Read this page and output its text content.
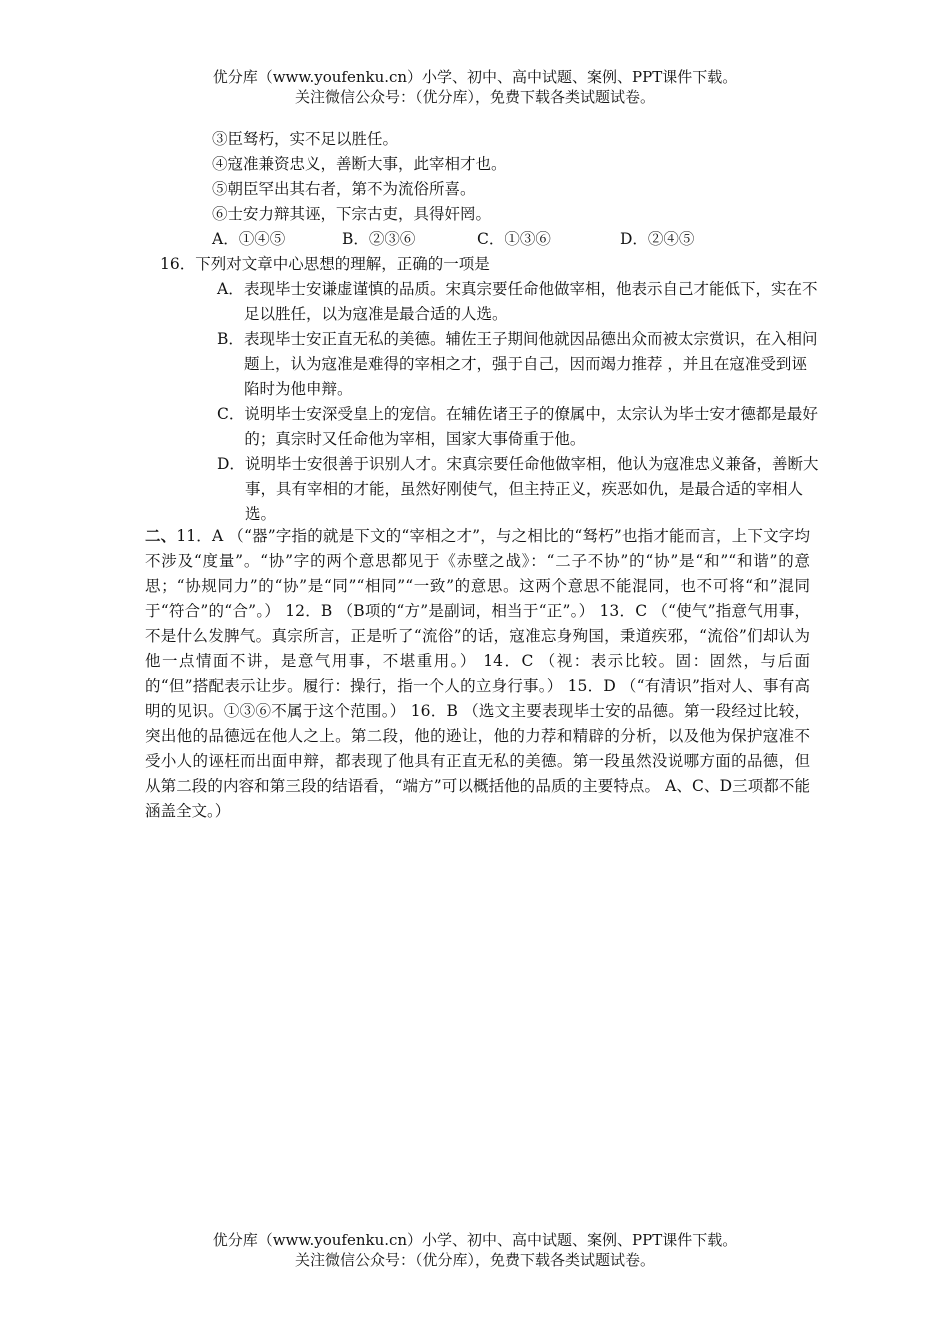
优分库（www.youfenku.cn）小学、初中、高中试题、案例、PPT课件下载。
关注微信公众号：（优分库），免费下载各类试题试卷。
③臣驽朽，实不足以胜任。
④寇准兼资忠义，善断大事，此宰相才也。
⑤朝臣罕出其右者，第不为流俗所喜。
⑥士安力辩其诬，下宗古吏，具得奸罔。
A．①④⑤	B．②③⑥	C．①③⑥	D．②④⑤
16．下列对文章中心思想的理解，正确的一项是
A． 表现毕士安谦虚谨慎的品质。宋真宗要任命他做宰相，他表示自己才能低下，实在不足以胜任，以为寇准是最合适的人选。
B． 表现毕士安正直无私的美德。辅佐王子期间他就因品德出众而被太宗赏识，在入相问题上，认为寇准是难得的宰相之才，强于自己，因而竭力推荐 ，并且在寇准受到诬陷时为他申辩。
C． 说明毕士安深受皇上的宠信。在辅佐诸王子的僚属中，太宗认为毕士安才德都是最好的；真宗时又任命他为宰相，国家大事倚重于他。
D． 说明毕士安很善于识别人才。宋真宗要任命他做宰相，他认为寇准忠义兼备，善断大事，具有宰相的才能，虽然好刚使气，但主持正义，疾恶如仇，是最合适的宰相人选。
二、11．A （“器”字指的就是下文的“宰相之才”，与之相比的“驽朽”也指才能而言，上下文字均不涉及“度量”。“协”字的两个意思都见于《赤壁之战》：“二子不协”的“协”是“和”“和谐”的意思；“协规同力”的“协”是“同”“相同”“一致”的意思。这两个意思不能混同，也不可将“和”混同于“符合”的“合”。） 12．B （B项的“方”是副词，相当于“正”。） 13．C （“使气”指意气用事，不是什么发脾气。真宗所言，正是听了“流俗”的话，寇准忘身殉国，秉道疾邪，“流俗”们却认为他一点情面不讲，是意气用事，不堪重用。） 14．C （视：表示比较。固：固然，与后面的“但”搭配表示让步。履行：操行，指一个人的立身行事。） 15．D （“有清识”指对人、事有高明的见识。①③⑥不属于这个范围。） 16．B （选文主要表现毕士安的品德。第一段经过比较，突出他的品德远在他人之上。第二段，他的逊让，他的力荐和精辟的分析，以及他为保护寇准不受小人的诬枉而出面申辩，都表现了他具有正直无私的美德。第一段虽然没说哪方面的品德，但从第二段的内容和第三段的结语看，“端方”可以概括他的品质的主要特点。 A、C、D三项都不能涵盖全文。）
优分库（www.youfenku.cn）小学、初中、高中试题、案例、PPT课件下载。
关注微信公众号：（优分库），免费下载各类试题试卷。
